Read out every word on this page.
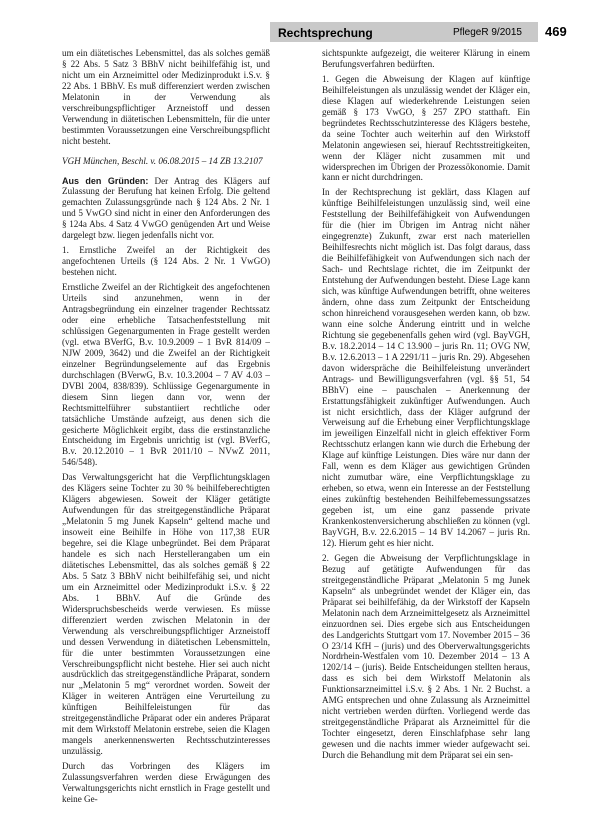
Rechtsprechung	PflegeR 9/2015 469

um ein diätetisches Lebensmittel, das als solches gemäß § 22 Abs. 5 Satz 3 BBhV nicht beihilfefähig ist, und nicht um ein Arzneimittel oder Medizinprodukt i.S.v. § 22 Abs. 1 BBhV. Es muß differenziert werden zwischen Melatonin in der Verwendung als verschreibungspflichtiger Arzneistoff und dessen Verwendung in diätetischen Lebensmitteln, für die unter bestimmten Voraussetzungen eine Verschreibungspflicht nicht besteht.

VGH München, Beschl. v. 06.08.2015 – 14 ZB 13.2107

Aus den Gründen: Der Antrag des Klägers auf Zulassung der Berufung hat keinen Erfolg. Die geltend gemachten Zulassungsgründe nach § 124 Abs. 2 Nr. 1 und 5 VwGO sind nicht in einer den Anforderungen des § 124a Abs. 4 Satz 4 VwGO genügenden Art und Weise dargelegt bzw. liegen jedenfalls nicht vor.

1. Ernstliche Zweifel an der Richtigkeit des angefochtenen Urteils (§ 124 Abs. 2 Nr. 1 VwGO) bestehen nicht.

Ernstliche Zweifel an der Richtigkeit des angefochtenen Urteils sind anzunehmen, wenn in der Antragsbegründung ein einzelner tragender Rechtssatz oder eine erhebliche Tatsachenfeststellung mit schlüssigen Gegenargumenten in Frage gestellt werden (vgl. etwa BVerfG, B.v. 10.9.2009 – 1 BvR 814/09 – NJW 2009, 3642) und die Zweifel an der Richtigkeit einzelner Begründungselemente auf das Ergebnis durchschlagen (BVerwG, B.v. 10.3.2004 – 7 AV 4.03 – DVBl 2004, 838/839). Schlüssige Gegenargumente in diesem Sinn liegen dann vor, wenn der Rechtsmittelführer substantiiert rechtliche oder tatsächliche Umstände aufzeigt, aus denen sich die gesicherte Möglichkeit ergibt, dass die erstinstanzliche Entscheidung im Ergebnis unrichtig ist (vgl. BVerfG, B.v. 20.12.2010 – 1 BvR 2011/10 – NVwZ 2011, 546/548).

Das Verwaltungsgericht hat die Verpflichtungsklagen des Klägers seine Tochter zu 30 % beihilfeberechtigten Klägers abgewiesen. Soweit der Kläger getätigte Aufwendungen für das streitgegenständliche Präparat „Melatonin 5 mg Junek Kapseln“ geltend mache und insoweit eine Beihilfe in Höhe von 117,38 EUR begehre, sei die Klage unbegründet. Bei dem Präparat handele es sich nach Herstellerangaben um ein diätetisches Lebensmittel, das als solches gemäß § 22 Abs. 5 Satz 3 BBhV nicht beihilfefähig sei, und nicht um ein Arzneimittel oder Medizinprodukt i.S.v. § 22 Abs. 1 BBhV. Auf die Gründe des Widerspruchsbescheids werde verwiesen. Es müsse differenziert werden zwischen Melatonin in der Verwendung als verschreibungspflichtiger Arzneistoff und dessen Verwendung in diätetischen Lebensmitteln, für die unter bestimmten Voraussetzungen eine Verschreibungspflicht nicht bestehe. Hier sei auch nicht ausdrücklich das streitgegenständliche Präparat, sondern nur „Melatonin 5 mg“ verordnet worden. Soweit der Kläger in weiteren Anträgen eine Verurteilung zu künftigen Beihilfeleistungen für das streitgegenständliche Präparat oder ein anderes Präparat mit dem Wirkstoff Melatonin erstrebe, seien die Klagen mangels anerkennenswerten Rechtsschutzinteresses unzulässig.

Durch das Vorbringen des Klägers im Zulassungsverfahren werden diese Erwägungen des Verwaltungsgerichts nicht ernstlich in Frage gestellt und keine Ge-

sichtspunkte aufgezeigt, die weiterer Klärung in einem Berufungsverfahren bedürften.

1. Gegen die Abweisung der Klagen auf künftige Beihilfeleistungen als unzulässig wendet der Kläger ein, diese Klagen auf wiederkehrende Leistungen seien gemäß § 173 VwGO, § 257 ZPO statthaft. Ein begründetes Rechtsschutzinteresse des Klägers bestehe, da seine Tochter auch weiterhin auf den Wirkstoff Melatonin angewiesen sei, hierauf Rechtsstreitigkeiten, wenn der Kläger nicht zusammen mit und widersprechen im Übrigen der Prozessökonomie. Damit kann er nicht durchdringen.

In der Rechtsprechung ist geklärt, dass Klagen auf künftige Beihilfeleistungen unzulässig sind, weil eine Feststellung der Beihilfefähigkeit von Aufwendungen für die (hier im Übrigen im Antrag nicht näher eingegrenzte) Zukunft, zwar erst nach materiellen Beihilfesrechts nicht möglich ist. Das folgt daraus, dass die Beihilfefähigkeit von Aufwendungen sich nach der Sach- und Rechtslage richtet, die im Zeitpunkt der Entstehung der Aufwendungen besteht. Diese Lage kann sich, was künftige Aufwendungen betrifft, ohne weiteres ändern, ohne dass zum Zeitpunkt der Entscheidung schon hinreichend vorausgesehen werden kann, ob bzw. wann eine solche Änderung eintritt und in welche Richtung sie gegebenenfalls gehen wird (vgl. BayVGH, B.v. 18.2.2014 – 14 C 13.900 – juris Rn. 11; OVG NW, B.v. 12.6.2013 – 1 A 2291/11 – juris Rn. 29). Abgesehen davon widerspräche die Beihilfeleistung unverändert Antrags- und Bewilligungsverfahren (vgl. §§ 51, 54 BBhV) eine – pauschalen – Anerkennung der Erstattungsfähigkeit zukünftiger Aufwendungen. Auch ist nicht ersichtlich, dass der Kläger aufgrund der Verweisung auf die Erhebung einer Verpflichtungsklage im jeweiligen Einzelfall nicht in gleich effektiver Form Rechtsschutz erlangen kann wie durch die Erhebung der Klage auf künftige Leistungen. Dies wäre nur dann der Fall, wenn es dem Kläger aus gewichtigen Gründen nicht zumutbar wäre, eine Verpflichtungsklage zu erheben, so etwa, wenn ein Interesse an der Feststellung eines zukünftig bestehenden Beihilfebemessungssatzes gegeben ist, um eine ganz passende private Krankenkostenversicherung abschließen zu können (vgl. BayVGH, B.v. 22.6.2015 – 14 BV 14.2067 – juris Rn. 12). Hierum geht es hier nicht.

2. Gegen die Abweisung der Verpflichtungsklage in Bezug auf getätigte Aufwendungen für das streitgegenständliche Präparat „Melatonin 5 mg Junek Kapseln“ als unbegründet wendet der Kläger ein, das Präparat sei beihilfefähig, da der Wirkstoff der Kapseln Melatonin nach dem Arzneimittelgesetz als Arzneimittel einzuordnen sei. Dies ergebe sich aus Entscheidungen des Landgerichts Stuttgart vom 17. November 2015 – 36 O 23/14 KfH – (juris) und des Oberverwaltungsgerichts Nordrhein-Westfalen vom 10. Dezember 2014 – 13 A 1202/14 – (juris). Beide Entscheidungen stellten heraus, dass es sich bei dem Wirkstoff Melatonin als Funktionsarzneimittel i.S.v. § 2 Abs. 1 Nr. 2 Buchst. a AMG entsprechen und ohne Zulassung als Arzneimittel nicht vertrieben werden dürften. Vorliegend werde das streitgegenständliche Präparat als Arzneimittel für die Tochter eingesetzt, deren Einschlafphase sehr lang gewesen und die nachts immer wieder aufgewacht sei. Durch die Behandlung mit dem Präparat sei ein sen-
